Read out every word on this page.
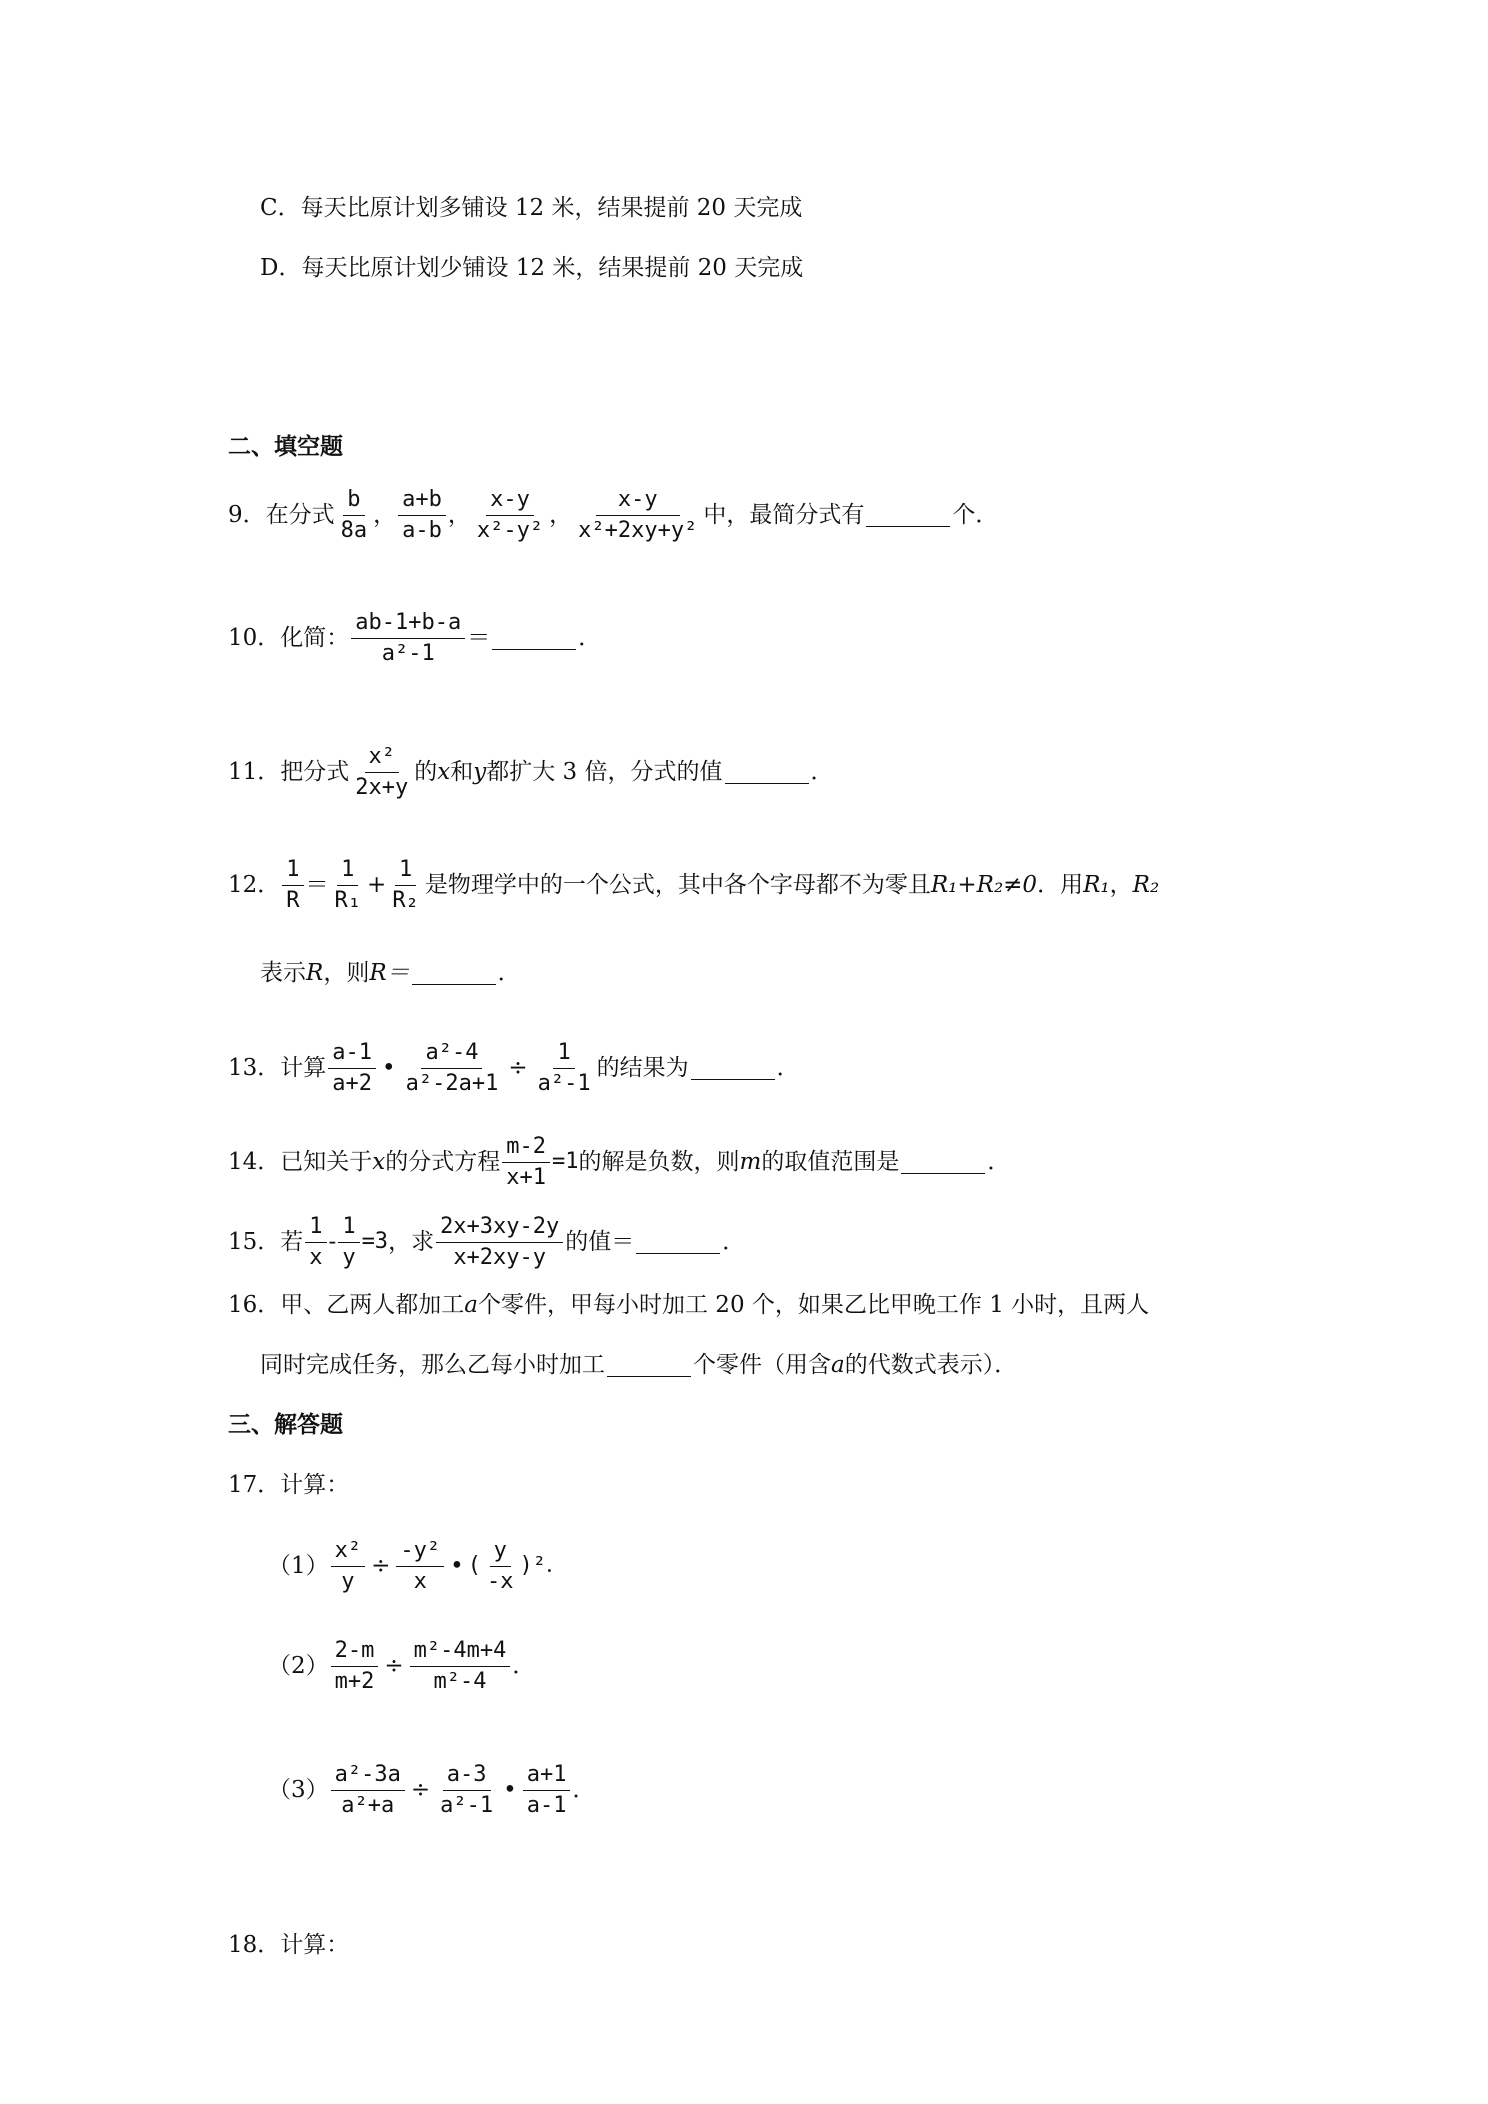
C．每天比原计划多铺设 12 米，结果提前 20 天完成
D．每天比原计划少铺设 12 米，结果提前 20 天完成
二、填空题
9．在分式 $\frac{b}{8a}$ ， $\frac{a+b}{a-b}$ ， $\frac{x-y}{\text{x²-y²}}$ ， $\frac{x-y}{\text{x²+2xy+y²}}$ 中，最简分式有	个．
10．化简： $\frac{ab-1+b-a}{\text{a²-1}}$ ＝	．
11．把分式 $\frac{\text{x²}}{2x+y}$ 的 x 和 y 都扩大 3 倍，分式的值	．
12． $\frac{1}{R} = \frac{1}{\text{R₁}} + \frac{1}{\text{R₂}}$ 是物理学中的一个公式，其中各个字母都不为零且 R₁+R₂≠0 ．用 R₁ ， R₂
表示 R ，则 R＝	．
13．计算 $\frac{a-1}{a+2}$ • $\frac{\text{a²-4}}{\text{a²-2a+1}} \div \frac{1}{\text{a²-1}}$ 的结果为	．
14．已知关于 x 的分式方程 $\frac{m-2}{x+1} =1$ 的解是负数，则 m 的取值范围是	．
15．若 $\frac{1}{x} - \frac{1}{y} =3$ ，求 $\frac{2x+3xy-2y}{x+2xy-y}$ 的值＝	．
16．甲、乙两人都加工 a 个零件，甲每小时加工 20 个，如果乙比甲晚工作 1 小时，且两人
同时完成任务，那么乙每小时加工	个零件（用含 a 的代数式表示）．
三、解答题
17．计算：
$(1) \frac{\text{x²}}{y} \div \frac{\text{-y²}}{x}$ • ( $\frac{y}{-x} )^2$．
$(2) \frac{2-m}{m+2} \div \frac{\text{m²-4m+4}}{\text{m²-4}}$ ．
$(3) \frac{\text{a²-3a}}{\text{a²+a}} \div \frac{a-3}{\text{a²-1}}$ • $\frac{a+1}{a-1}$ ．
18．计算：
